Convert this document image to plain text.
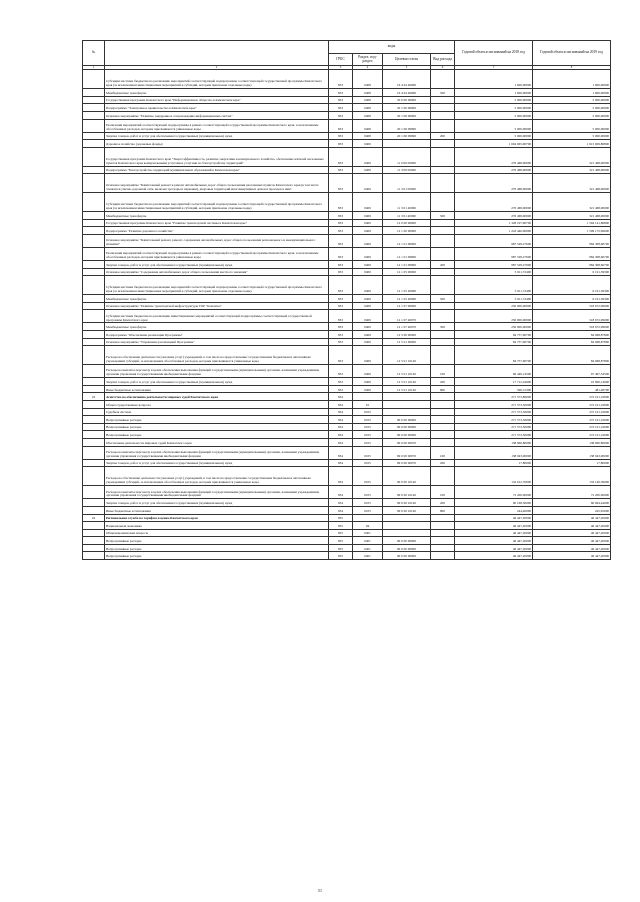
№		коды				Годовой объем ассигнований на 2018 год	Годовой объем ассигнований на 2019 год
		ГРБС	Раздел, под-раздел	Целевая статья	Вид расхода		
1	2	3	4	5	6	7	8
	Субсидии местным бюджетам на реализацию мероприятий соответствующей подпрограммы соответствующей государственной программы Камчатского края (за исключением инвестиционных мероприятий и субсидий, которым присвоены отдельные коды)	833	0408	16 4 04 40060		1 600,00000	1 600,00000
	Межбюджетные трансферты	833	0408	16 4 04 40060	500	1 600,00000	1 600,00000
	Государственная программа Камчатского края "Информационное общество в Камчатском крае"	833	0408	20 0 00 00000		5 000,00000	5 000,00000
	Подпрограмма "Электронное правительство в Камчатском крае"	833	0408	20 1 00 00000		5 000,00000	5 000,00000
	Основное мероприятие "Развитие, внедрение и сопровождение информационных систем"	833	0408	20 1 06 00000		5 000,00000	5 000,00000
	Реализация мероприятий соответствующей подпрограммы в рамках соответствующей государственной программы Камчатского края, за исключением обособленных расходов, которым присваиваются уникальные коды	833	0408	20 1 06 09990		5 000,00000	5 000,00000
	Закупка товаров, работ и услуг для обеспечения государственных (муниципальных) нужд	833	0408	20 1 06 09990	200	5 000,00000	5 000,00000
	Дорожное хозяйство (дорожные фонды)	833	0409			1 604 665,90700	1 915 609,86800
	Государственная программа Камчатского края "Энергоэффективность, развитие энергетики и коммунального хозяйства, обеспечение жителей населенных пунктов Камчатского края коммунальными услугами и услугами по благоустройству территорий"	833	0409	11 0 00 00000		276 468,00000	321 468,00000
	Подпрограмма "Благоустройство территорий муниципальных образований в Камчатском крае"	833	0409	11 3 00 00000		276 468,00000	321 468,00000
	Основное мероприятие "Капитальный ремонт и ремонт автомобильных дорог общего пользования населенных пунктов Камчатского края (в том числе элементов улично-дорожной сети, включая тротуары и парковки), дворовых территорий многоквартирных домов и проездов к ним"	833	0409	11 3 01 00000		276 468,00000	321 468,00000
	Субсидии местным бюджетам на реализацию мероприятий соответствующей подпрограммы соответствующей государственной программы Камчатского края (за исключением инвестиционных мероприятий и субсидий, которым присвоены отдельные коды)	833	0409	11 3 01 40060		276 468,00000	321 468,00000
	Межбюджетные трансферты	833	0409	11 3 01 40060	500	276 468,00000	321 468,00000
	Государственная программа Камчатского края "Развитие транспортной системы в Камчатском крае"	833	0409	12 0 00 00000		1 328 197,90700	1 594 141,86800
	Подпрограмма "Развитие дорожного хозяйства"	833	0409	12 1 00 00000		1 243 440,00000	1 509 172,99000
	Основное мероприятие "Капитальный ремонт, ремонт, содержание автомобильных дорог общего пользования регионального и межмуниципального значения"	833	0409	12 1 01 00000		987 528,27600	984 308,60700
	Реализация мероприятий соответствующей подпрограммы в рамках соответствующей государственной программы Камчатского края, за исключением обособленных расходов, которым присваиваются уникальные коды	833	0409	12 1 01 09990		987 528,27600	984 308,60700
	Закупка товаров, работ и услуг для обеспечения государственных (муниципальных) нужд	833	0409	12 1 01 09990	200	987 528,27600	984 308,60700
	Основное мероприятие "Содержание автомобильных дорог общего пользования местного значения"	833	0409	12 1 05 00000		5 911,72400	6 191,39300
	Субсидии местным бюджетам на реализацию мероприятий соответствующей подпрограммы соответствующей государственной программы Камчатского края (за исключением инвестиционных мероприятий и субсидий, которым присвоены отдельные коды)	833	0409	12 1 05 40060		5 911,72400	6 191,39300
	Межбюджетные трансферты	833	0409	12 1 05 40060	500	5 911,72400	6 191,39300
	Основное мероприятие "Развитие транспортной инфраструктуры ТОР "Камчатка"	833	0409	12 1 07 00000		250 000,00000	518 672,99000
	Субсидии местным бюджетам на реализацию инвестиционных мероприятий соответствующей подпрограммы соответствующей государственной программы Камчатского края	833	0409	12 1 07 40070		250 000,00000	518 672,99000
	Межбюджетные трансферты	833	0409	12 1 07 40070	500	250 000,00000	518 672,99000
	Подпрограмма "Обеспечение реализации Программы"	833	0409	12 5 00 00000		84 757,90700	84 968,87800
	Основное мероприятие "Управление реализацией Программы"	833	0409	12 5 01 00000		84 757,90700	84 968,87800
	Расходы на обеспечение деятельности (оказание услуг) учреждений, в том числе на предоставление государственным бюджетным и автономным учреждениям субсидий, за исключением обособленных расходов, которым присваиваются уникальные коды	833	0409	12 5 01 10140		84 757,90700	84 968,87800
	Расходы на выплаты персоналу в целях обеспечения выполнения функций государственными (муниципальными) органами, казенными учреждениями, органами управления государственными внебюджетными фондами	833	0409	12 5 01 10140	100	66 449,14500	67 497,34500
	Закупка товаров, работ и услуг для обеспечения государственных (муниципальных) нужд	833	0409	12 5 01 10140	200	17 712,44900	16 990,14600
	Иные бюджетные ассигнования	833	0409	12 5 01 10140	800	596,31300	481,48700
23	Агентство по обеспечению деятельности мировых судей Камчатского края	834				271 573,86000	272 101,19000
	Общегосударственные вопросы	834	01			271 573,50000	272 101,19000
	Судебная система	834	0105			271 573,50000	272 101,19000
	Непрограммные расходы	834	0105	99 0 00 00000		271 573,50000	272 101,19000
	Непрограммные расходы	834	0105	99 0 00 00000		271 573,50000	272 101,19000
	Непрограммные расходы	834	0105	99 0 00 00000		271 573,50000	272 101,19000
	Обеспечение деятельности мировых судей Камчатского края	834	0105	99 0 00 00070		138 960,80000	138 960,80000
	Расходы на выплаты персоналу в целях обеспечения выполнения функций государственными (муниципальными) органами, казенными учреждениями, органами управления государственными внебюджетными фондами	834	0105	99 0 00 00070	100	138 943,00000	138 943,00000
	Закупка товаров, работ и услуг для обеспечения государственных (муниципальных) нужд	834	0105	99 0 00 00070	200	17,80000	17,80000
	Расходы на обеспечение деятельности (оказание услуг) учреждений, в том числе на предоставление государственным бюджетным и автономным учреждениям субсидий, за исключением обособленных расходов, которым присваиваются уникальные коды	834	0105	99 0 00 10140		132 612,70000	133 140,39000
	Расходы на выплаты персоналу в целях обеспечения выполнения функций государственными (муниципальными) органами, казенными учреждениями, органами управления государственными внебюджетными фондами	834	0105	99 0 00 10140	100	72 200,00000	72 200,00000
	Закупка товаров, работ и услуг для обеспечения государственных (муниципальных) нужд	834	0105	99 0 00 10140	200	60 168,30000	60 694,44000
	Иные бюджетные ассигнования	834	0105	99 0 00 10140	800	244,40000	245,95000
24	Региональная служба по тарифам и ценам Камчатского края	835				46 447,20000	46 447,20000
	Национальная экономика	835	04			46 447,20000	46 447,20000
	Общеэкономические вопросы	835	0401			46 447,20000	46 447,20000
	Непрограммные расходы	835	0401	99 0 00 00000		46 447,20000	46 447,20000
	Непрограммные расходы	835	0401	99 0 00 00000		46 447,20000	46 447,20000
	Непрограммные расходы	835	0401	99 0 00 00000		46 447,20000	46 447,20000
51
